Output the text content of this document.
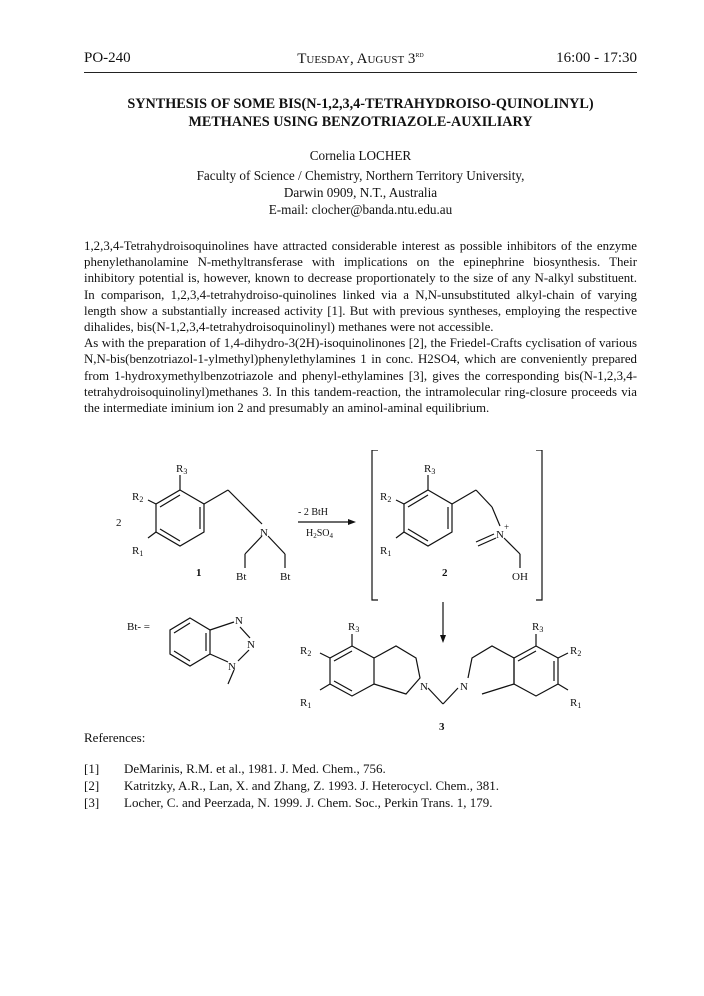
PO-240	Tuesday, August 3rd	16:00 - 17:30
SYNTHESIS OF SOME BIS(N-1,2,3,4-TETRAHYDROISO-QUINOLINYL)
METHANES USING BENZOTRIAZOLE-AUXILIARY
Cornelia LOCHER
Faculty of Science / Chemistry, Northern Territory University,
Darwin 0909, N.T., Australia
E-mail: clocher@banda.ntu.edu.au

1,2,3,4-Tetrahydroisoquinolines have attracted considerable interest as possible inhibitors of the enzyme phenylethanolamine N-methyltransferase with implications on the epinephrine biosynthesis. Their inhibitory potential is, however, known to decrease proportionately to the size of any N-alkyl substituent. In comparison, 1,2,3,4-tetrahydroiso-quinolines linked via a N,N-unsubstituted alkyl-chain of varying length show a substantially increased activity [1]. But with previous syntheses, employing the respective dihalides, bis(N-1,2,3,4-tetrahydroisoquinolinyl) methanes were not accessible.

As with the preparation of 1,4-dihydro-3(2H)-isoquinolinones [2], the Friedel-Crafts cyclisation of various N,N-bis(benzotriazol-1-ylmethyl)phenylethylamines 1 in conc. H2SO4, which are conveniently prepared from 1-hydroxymethylbenzotriazole and phenyl-ethylamines [3], gives the corresponding bis(N-1,2,3,4-tetrahydroisoquinolinyl)methanes 3. In this tandem-reaction, the intramolecular ring-closure proceeds via the intermediate iminium ion 2 and presumably an aminol-aminal equilibrium.

R3
R2
R1
2
N
Bt	Bt
1
- 2 BtH
$H_2SO_4$
R3
R2
R1
N
+
OH
2
Bt- =	N
N
N
R3
R2
R1
N	N
R3
R2
R1
3
References:
[1]	DeMarinis, R.M. et al., 1981. J. Med. Chem., 756.
[2]	Katritzky, A.R., Lan, X. and Zhang, Z. 1993. J. Heterocycl. Chem., 381.
[3]	Locher, C. and Peerzada, N. 1999. J. Chem. Soc., Perkin Trans. 1, 179.
